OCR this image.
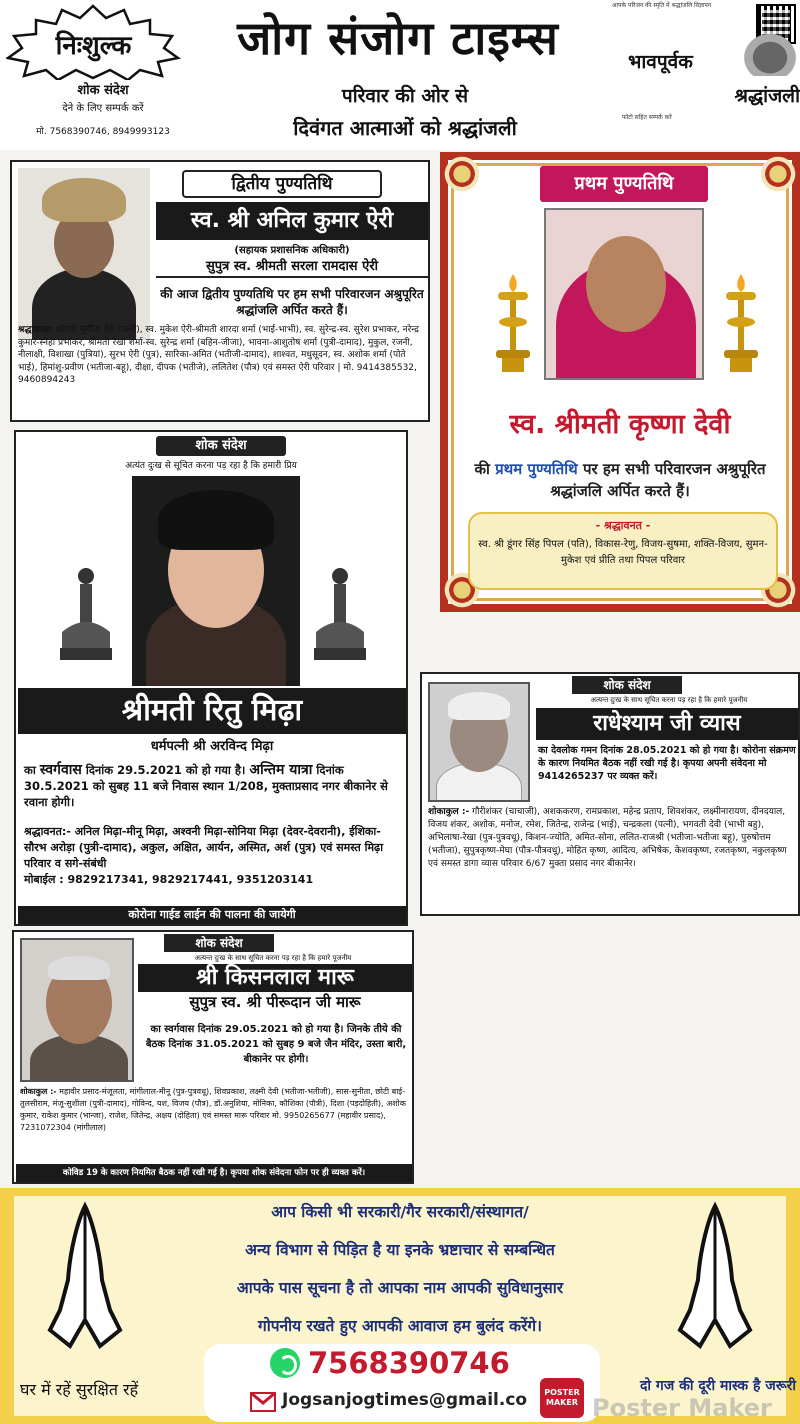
निःशुल्क
शोक संदेश
देने के लिए सम्पर्क करें
मो. 7568390746, 8949993123
जोग संजोग टाइम्स
परिवार की ओर से
दिवंगत आत्माओं को श्रद्धांजली
आपके परिजन की स्मृति में श्रद्धांजलि विज्ञापन
भावपूर्वक
श्रद्धांजली
फोटो सहित सम्पर्क करें
द्वितीय पुण्यतिथि
स्व. श्री अनिल कुमार ऐरी
(सहायक प्रशासनिक अधिकारी)
सुपुत्र स्व. श्रीमती सरला रामदास ऐरी
की आज द्वितीय पुण्यतिथि पर हम सभी परिवारजन अश्रुपूरित श्रद्धांजलि अर्पित करते हैं।
श्रद्धावनत: श्रीमती सुनीता ऐरी (पत्नी), स्व. मुकेश ऐरी-श्रीमती शारदा शर्मा (भाई-भाभी), स्व. सुरेन्द्र-स्व. सुरेश प्रभाकर, नरेन्द्र कुमार-स्नेहा प्रभाकर, श्रीमती रेखा शर्मा-स्व. सुरेन्द्र शर्मा (बहिन-जीजा), भावना-आशुतोष शर्मा (पुत्री-दामाद), मुकुल, रजनी, नीलाक्षी, विशाखा (पुत्रियां), सुरभ ऐरी (पुत्र), सारिका-अमित (भतीजी-दामाद), शाश्वत, मधुसूदन, स्व. अशोक शर्मा (पोते भाई), हिमांशु-प्रवीण (भतीजा-बहू), दीक्षा, दीपक (भतीजे), ललितेश (पौत्र) एवं समस्त ऐरी परिवार | मो. 9414385532, 9460894243
प्रथम पुण्यतिथि
स्व. श्रीमती कृष्णा देवी
की प्रथम पुण्यतिथि पर हम सभी परिवारजन अश्रुपूरित श्रद्धांजलि अर्पित करते हैं।
- श्रद्धावनत -
स्व. श्री डूंगर सिंह पिपल (पति), विकास-रेणु, विजय-सुषमा, शक्ति-विजय, सुमन-मुकेश एवं प्रीति तथा पिपल परिवार
शोक संदेश
अत्यंत दुःख से सूचित करना पड़ रहा है कि हमारी प्रिय
श्रीमती रितु मिढ़ा
धर्मपत्नी श्री अरविन्द मिढ़ा
का स्वर्गवास दिनांक 29.5.2021 को हो गया है। अन्तिम यात्रा दिनांक 30.5.2021 को सुबह 11 बजे निवास स्थान 1/208, मुक्ताप्रसाद नगर बीकानेर से रवाना होगी।
श्रद्धावनत:- अनिल मिढ़ा-मीनू मिढ़ा, अश्वनी मिढ़ा-सोनिया मिढ़ा (देवर-देवरानी), ईशिका-सौरभ अरोड़ा (पुत्री-दामाद), अकुल, अक्षित, आर्यन, अस्मित, अर्श (पुत्र) एवं समस्त मिढ़ा परिवार व सगे-संबंधी
मोबाईल : 9829217341, 9829217441, 9351203141
कोरोना गाईड लाईन की पालना की जायेगी
शोक संदेश
अत्यन्त दुःख के साथ सूचित करना पड़ रहा है कि हमारे पूजनीय
राधेश्याम जी व्यास
का देवलोक गमन दिनांक 28.05.2021 को हो गया है। कोरोना संक्रमण के कारण नियमित बैठक नहीं रखी गई है। कृपया अपनी संवेदना मो 9414265237 पर व्यक्त करें।
शोकाकुल :- गौरीशंकर (चाचाजी), अशककरण, रामप्रकाश, महेन्द्र प्रताप, शिवशंकर, लक्ष्मीनारायण, दीनदयाल, विजय शंकर, अशोक, मनोज, रमेश, जितेन्द्र, राजेन्द्र (भाई), चन्द्रकला (पत्नी), भगवती देवी (भाभी बहु), अभिलाषा-रेखा (पुत्र-पुत्रवधू), किशन-ज्योति, अमित-सोना, ललित-राजश्री (भतीजा-भतीजा बहू), पुरुषोत्तम (भतीजा), सुपुत्रकृष्ण-मेघा (पौत्र-पौत्रवधू), मोहित कृष्ण, आदित्य, अभिषेक, केशवकृष्ण, रजतकृष्ण, नकुलकृष्ण एवं समस्त डागा व्यास परिवार 6/67 मुक्ता प्रसाद नगर बीकानेर।
शोक संदेश
अत्यन्त दुःख के साथ सूचित करना पड़ रहा है कि हमारे पूजनीय
श्री किसनलाल मारू
सुपुत्र स्व. श्री पीरूदान जी मारू
का स्वर्गवास दिनांक 29.05.2021 को हो गया है। जिनके तीये की बैठक दिनांक 31.05.2021 को सुबह 9 बजे जैन मंदिर, उस्ता बारी, बीकानेर पर होगी।
शोकाकुल :- महावीर प्रसाद-मंजूलता, मांगीलाल-मीनू (पुत्र-पुत्रवधू), शिवप्रकाश, लक्ष्मी देवी (भतीजा-भतीजी), सास-सुनीता, छोटी बाई-तुलसीराम, मंजू-सुशीला (पुत्री-दामाद), गोविन्द, यश, विजय (पौत्र), डॉ.अनुशिया, मोनिका, कौशिका (पौत्री), दिशा (पड़दोहिती), अशोक कुमार, राकेश कुमार (भान्जा), राजेश, जितेन्द्र, अक्षय (दोहिता) एवं समस्त मारू परिवार मो. 9950265677 (महावीर प्रसाद), 7231072304 (मांगीलाल)
कोविड 19 के कारण नियमित बैठक नहीं रखी गई है। कृपया शोक संवेदना फोन पर ही व्यक्त करें।
आप किसी भी सरकारी/गैर सरकारी/संस्थागत/
अन्य विभाग से पिड़ित है या इनके भ्रष्टाचार से सम्बन्धित
आपके पास सूचना है तो आपका नाम आपकी सुविधानुसार
गोपनीय रखते हुए आपकी आवाज हम बुलंद करेंगे।
7568390746
Jogsanjogtimes@gmail.co
घर में रहें सुरक्षित रहें	दो गज की दूरी मास्क है जरूरी
POSTER MAKER Poster Maker
